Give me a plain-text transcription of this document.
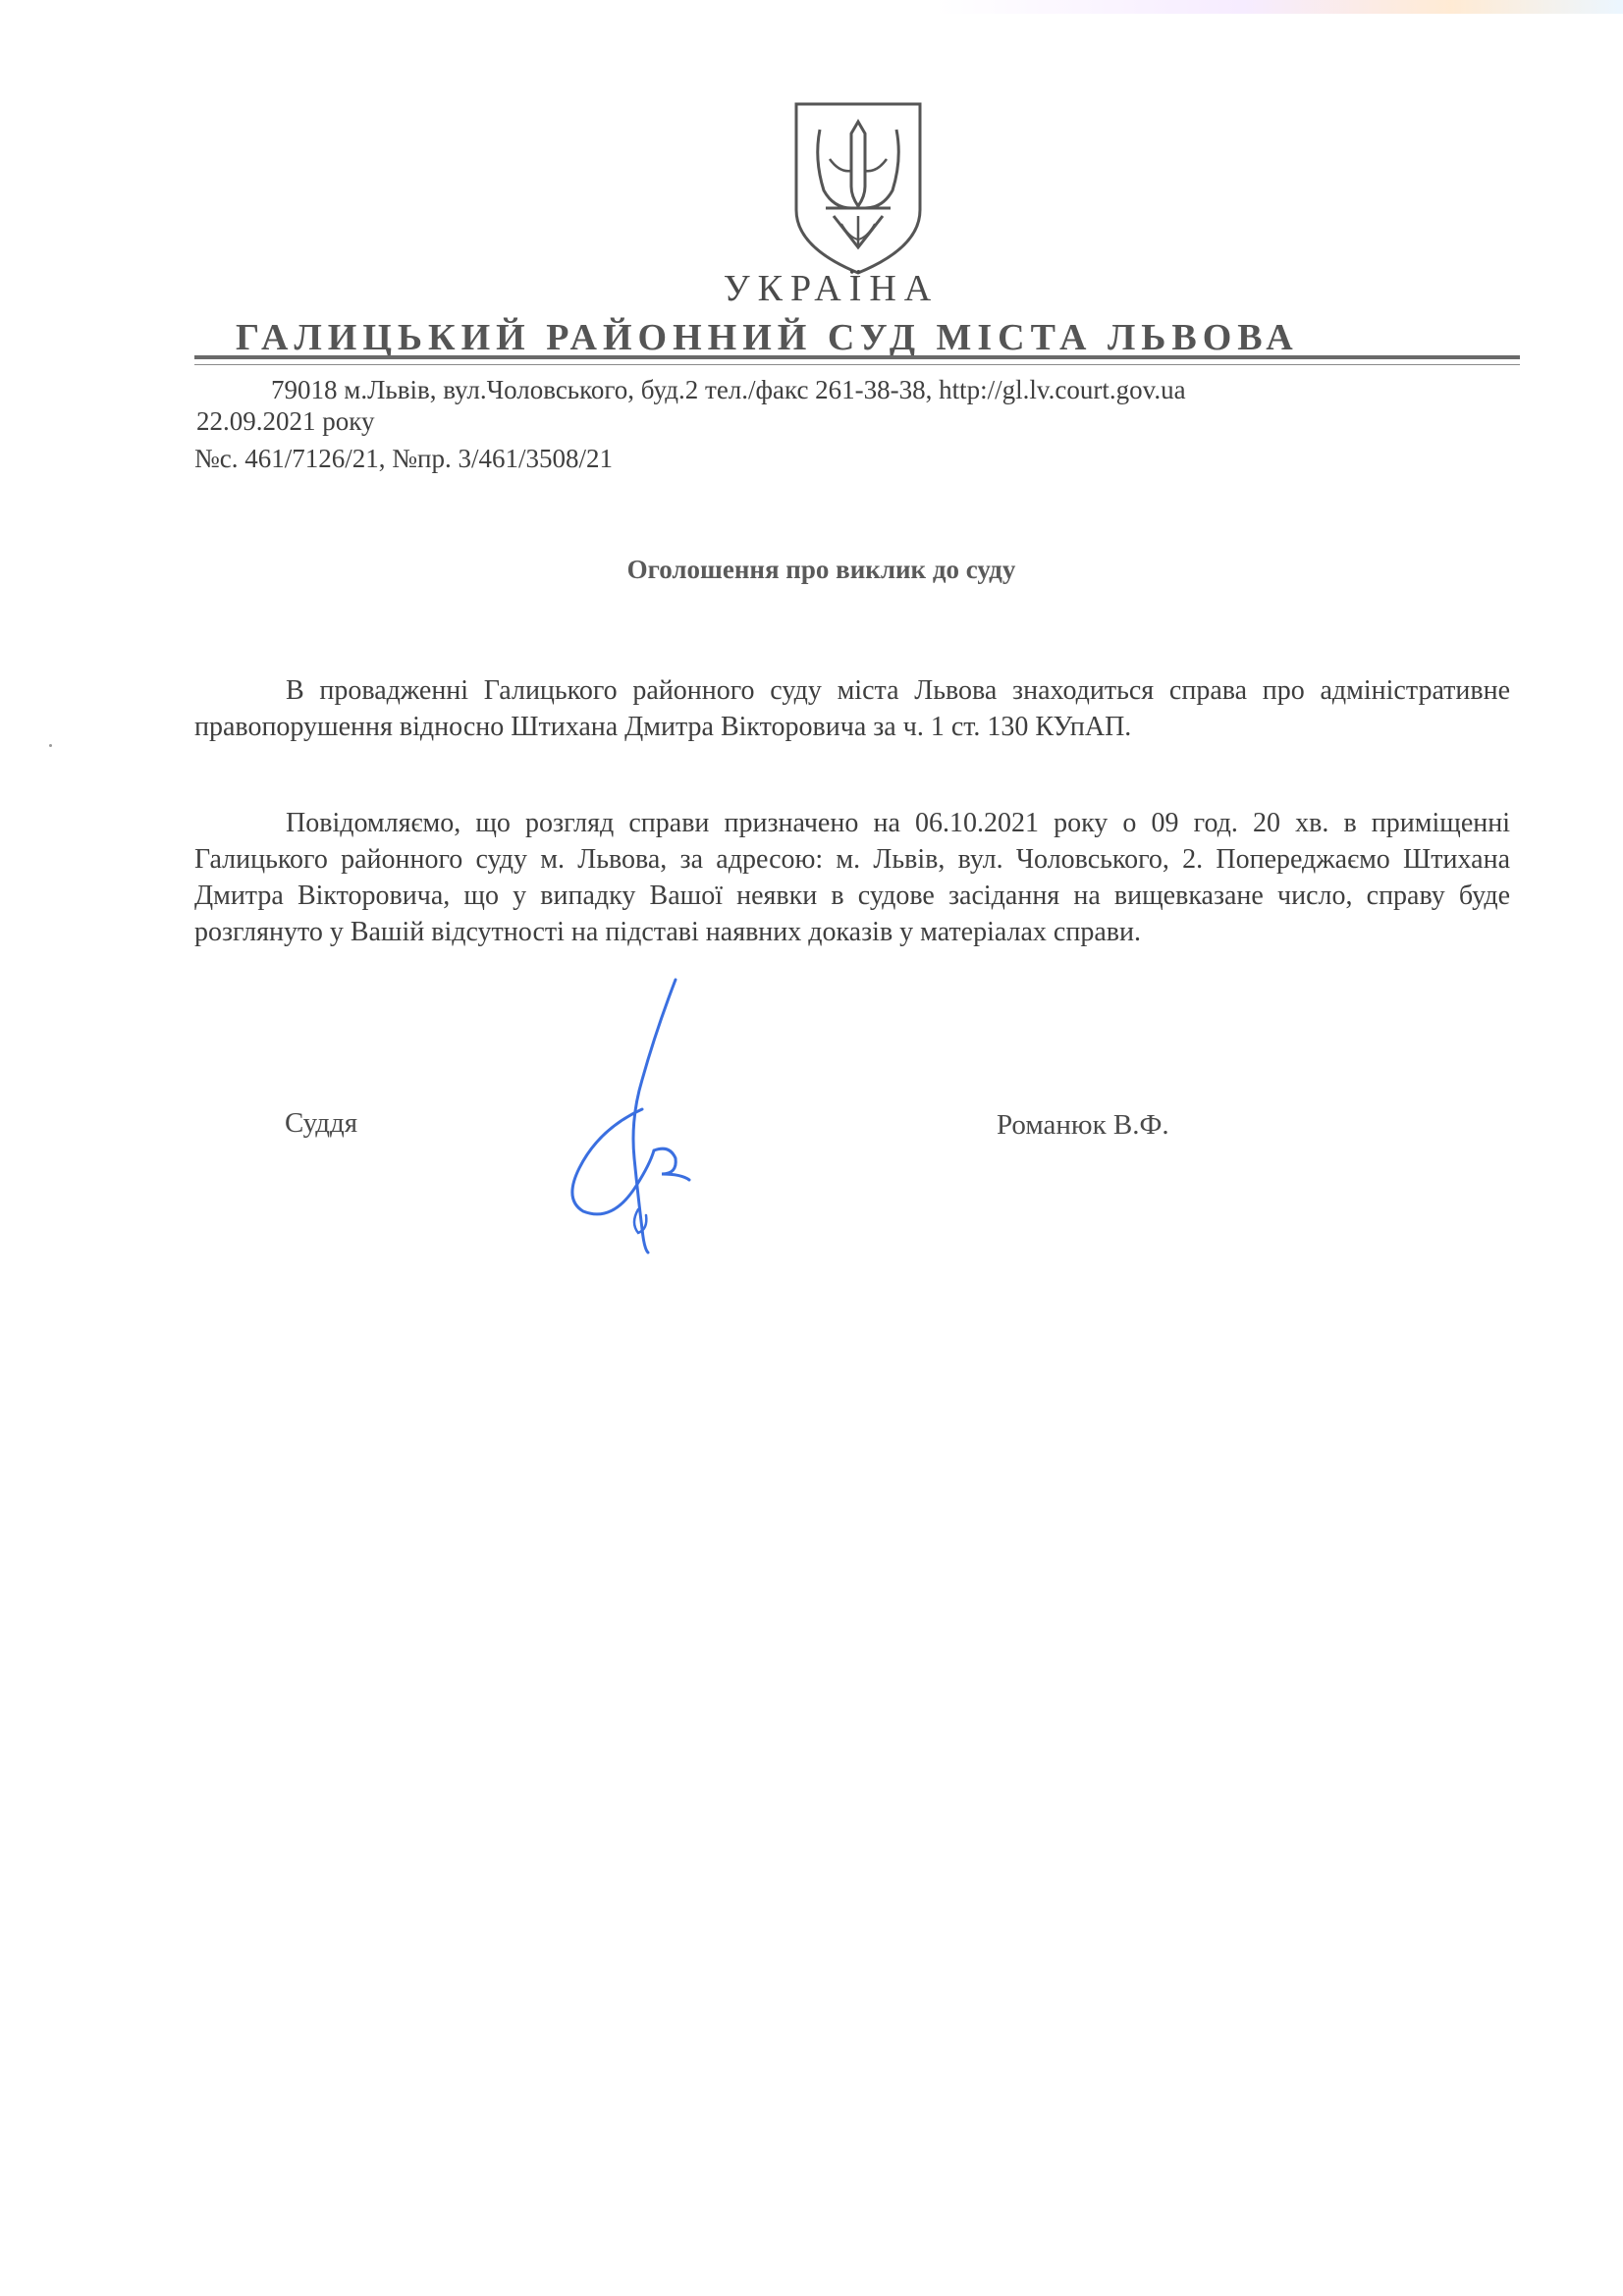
УКРАЇНА
ГАЛИЦЬКИЙ РАЙОННИЙ СУД МІСТА ЛЬВОВА
79018 м.Львів, вул.Чоловського, буд.2 тел./факс 261-38-38, http://gl.lv.court.gov.ua
22.09.2021 року
№с. 461/7126/21, №пр. 3/461/3508/21
Оголошення про виклик до суду
В провадженні Галицького районного суду міста Львова знаходиться справа про адміністративне правопорушення відносно Штихана Дмитра Вікторовича за ч. 1 ст. 130 КУпАП.
Повідомляємо, що розгляд справи призначено на 06.10.2021 року о 09 год. 20 хв. в приміщенні Галицького районного суду м. Львова, за адресою: м. Львів, вул. Чоловського, 2. Попереджаємо Штихана Дмитра Вікторовича, що у випадку Вашої неявки в судове засідання на вищевказане число, справу буде розглянуто у Вашій відсутності на підставі наявних доказів у матеріалах справи.
Суддя	Романюк В.Ф.
